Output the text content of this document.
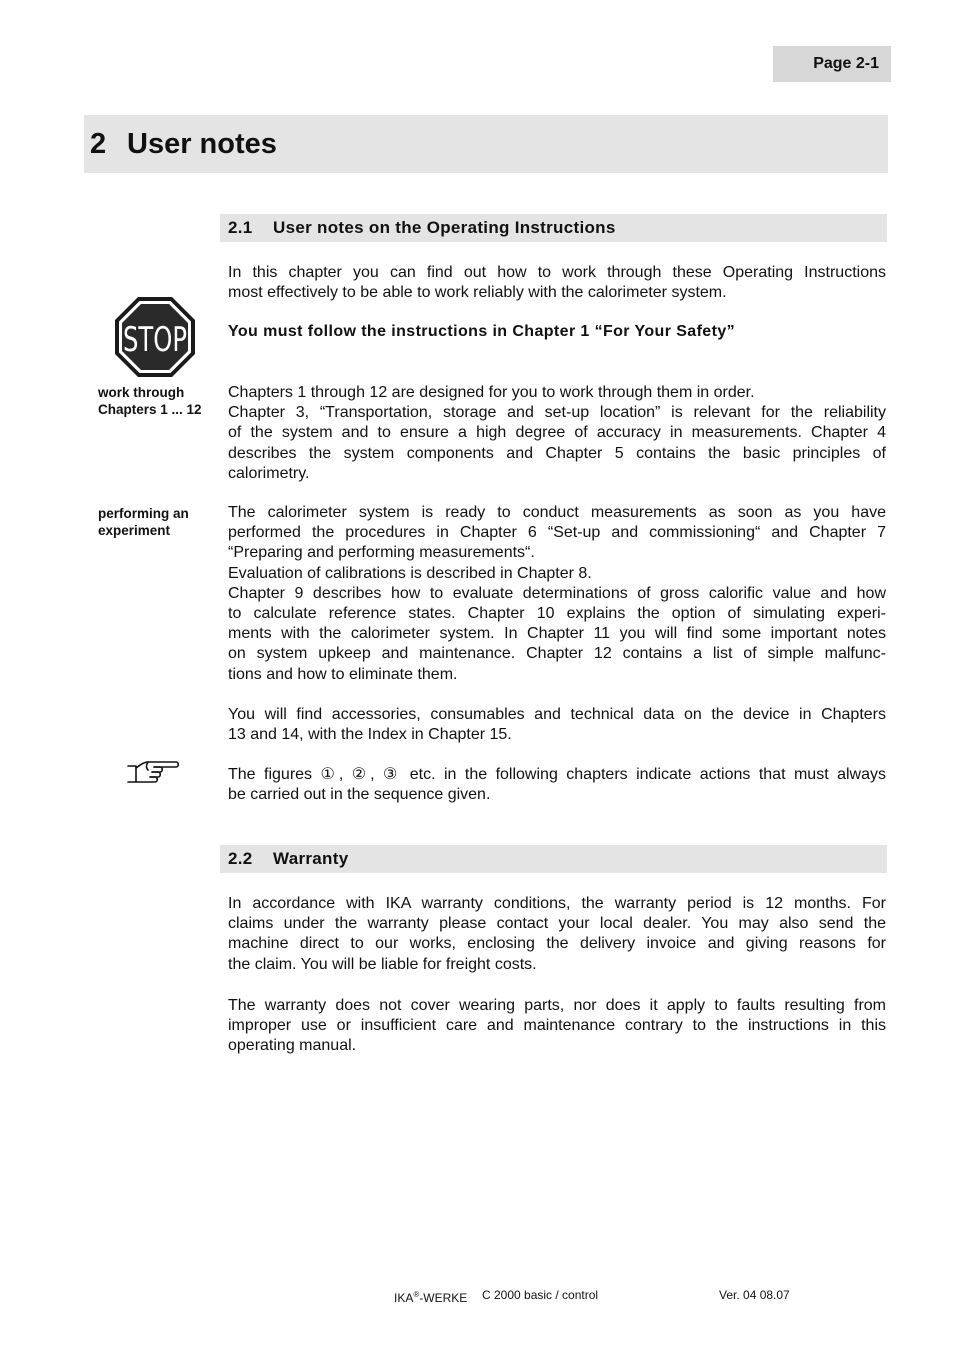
Page 2-1
2 User notes
2.1 User notes on the Operating Instructions
In this chapter you can find out how to work through these Operating Instructions
most effectively to be able to work reliably with the calorimeter system.
STOP	You must follow the instructions in Chapter 1 “For Your Safety”
work through
Chapters 1 ... 12
Chapters 1 through 12 are designed for you to work through them in order.
Chapter 3, “Transportation, storage and set-up location” is relevant for the reliability
of the system and to ensure a high degree of accuracy in measurements. Chapter 4
describes the system components and Chapter 5 contains the basic principles of
calorimetry.
performing an
experiment
The calorimeter system is ready to conduct measurements as soon as you have
performed the procedures in Chapter 6 “Set-up and commissioning“ and Chapter 7
“Preparing and performing measurements“.
Evaluation of calibrations is described in Chapter 8.
Chapter 9 describes how to evaluate determinations of gross calorific value and how
to calculate reference states. Chapter 10 explains the option of simulating experi-
ments with the calorimeter system. In Chapter 11 you will find some important notes
on system upkeep and maintenance. Chapter 12 contains a list of simple malfunc-
tions and how to eliminate them.
You will find accessories, consumables and technical data on the device in Chapters
13 and 14, with the Index in Chapter 15.
The figures ①, ②, ③ etc. in the following chapters indicate actions that must always
be carried out in the sequence given.
2.2 Warranty
In accordance with IKA warranty conditions, the warranty period is 12 months. For
claims under the warranty please contact your local dealer. You may also send the
machine direct to our works, enclosing the delivery invoice and giving reasons for
the claim. You will be liable for freight costs.
The warranty does not cover wearing parts, nor does it apply to faults resulting from
improper use or insufficient care and maintenance contrary to the instructions in this
operating manual.
IKA®-WERKE C 2000 basic / control	Ver. 04 08.07
